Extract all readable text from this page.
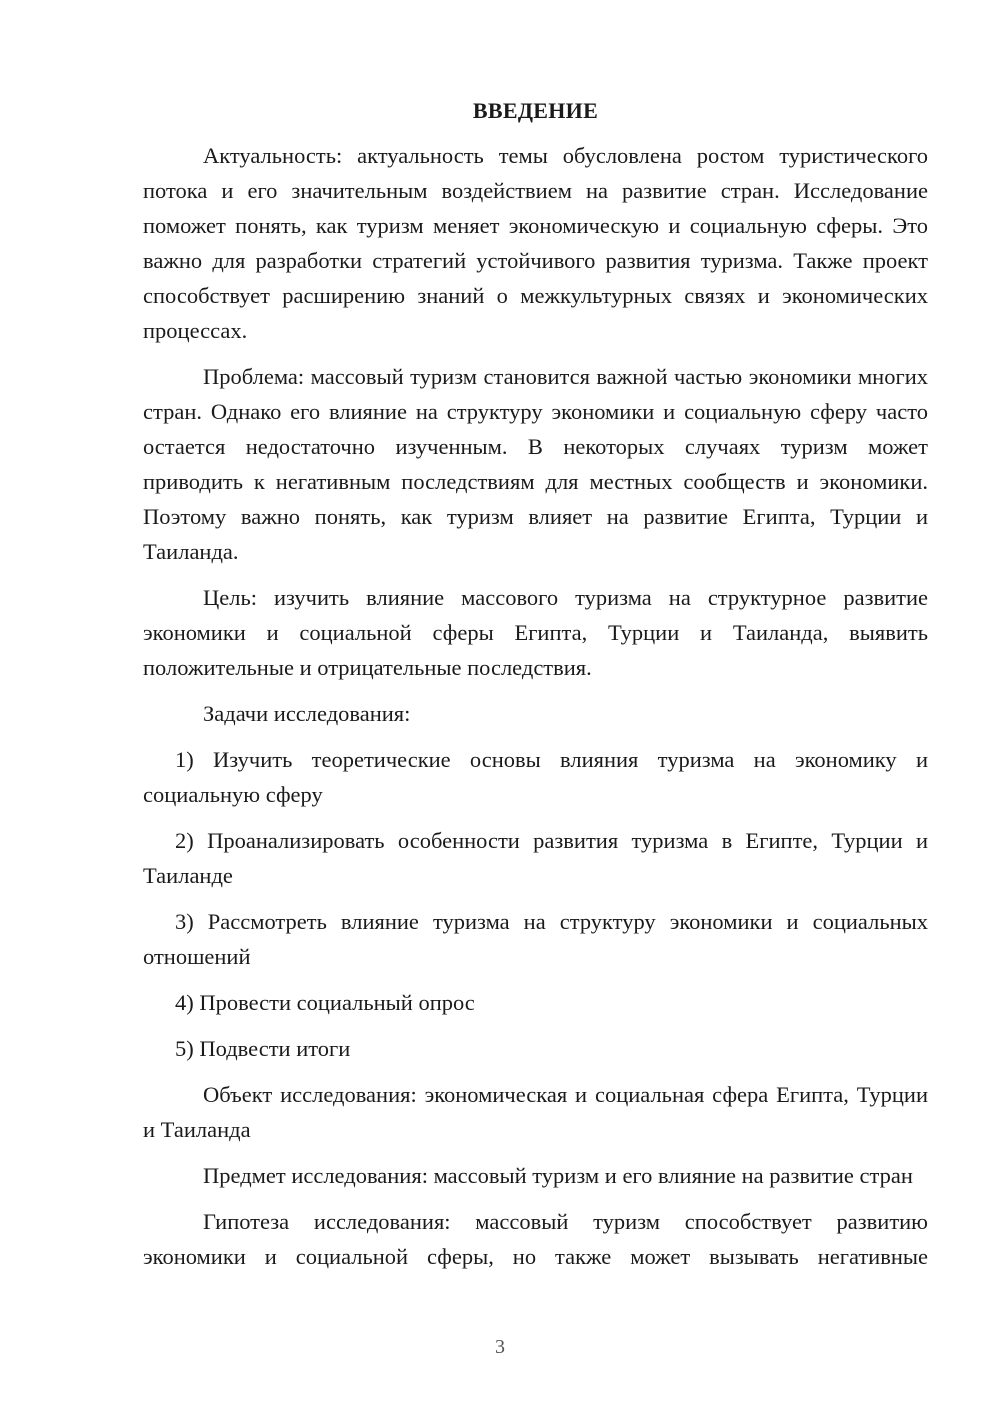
ВВЕДЕНИЕ

Актуальность: актуальность темы обусловлена ростом туристического потока и его значительным воздействием на развитие стран. Исследование поможет понять, как туризм меняет экономическую и социальную сферы. Это важно для разработки стратегий устойчивого развития туризма. Также проект способствует расширению знаний о межкультурных связях и экономических процессах.

Проблема: массовый туризм становится важной частью экономики многих стран. Однако его влияние на структуру экономики и социальную сферу часто остается недостаточно изученным. В некоторых случаях туризм может приводить к негативным последствиям для местных сообществ и экономики. Поэтому важно понять, как туризм влияет на развитие Египта, Турции и Таиланда.

Цель: изучить влияние массового туризма на структурное развитие экономики и социальной сферы Египта, Турции и Таиланда, выявить положительные и отрицательные последствия.

Задачи исследования:

1) Изучить теоретические основы влияния туризма на экономику и социальную сферу

2) Проанализировать особенности развития туризма в Египте, Турции и Таиланде

3) Рассмотреть влияние туризма на структуру экономики и социальных отношений

4) Провести социальный опрос

5) Подвести итоги

Объект исследования: экономическая и социальная сфера Египта, Турции и Таиланда

Предмет исследования: массовый туризм и его влияние на развитие стран

Гипотеза исследования: массовый туризм способствует развитию экономики и социальной сферы, но также может вызывать негативные

3
